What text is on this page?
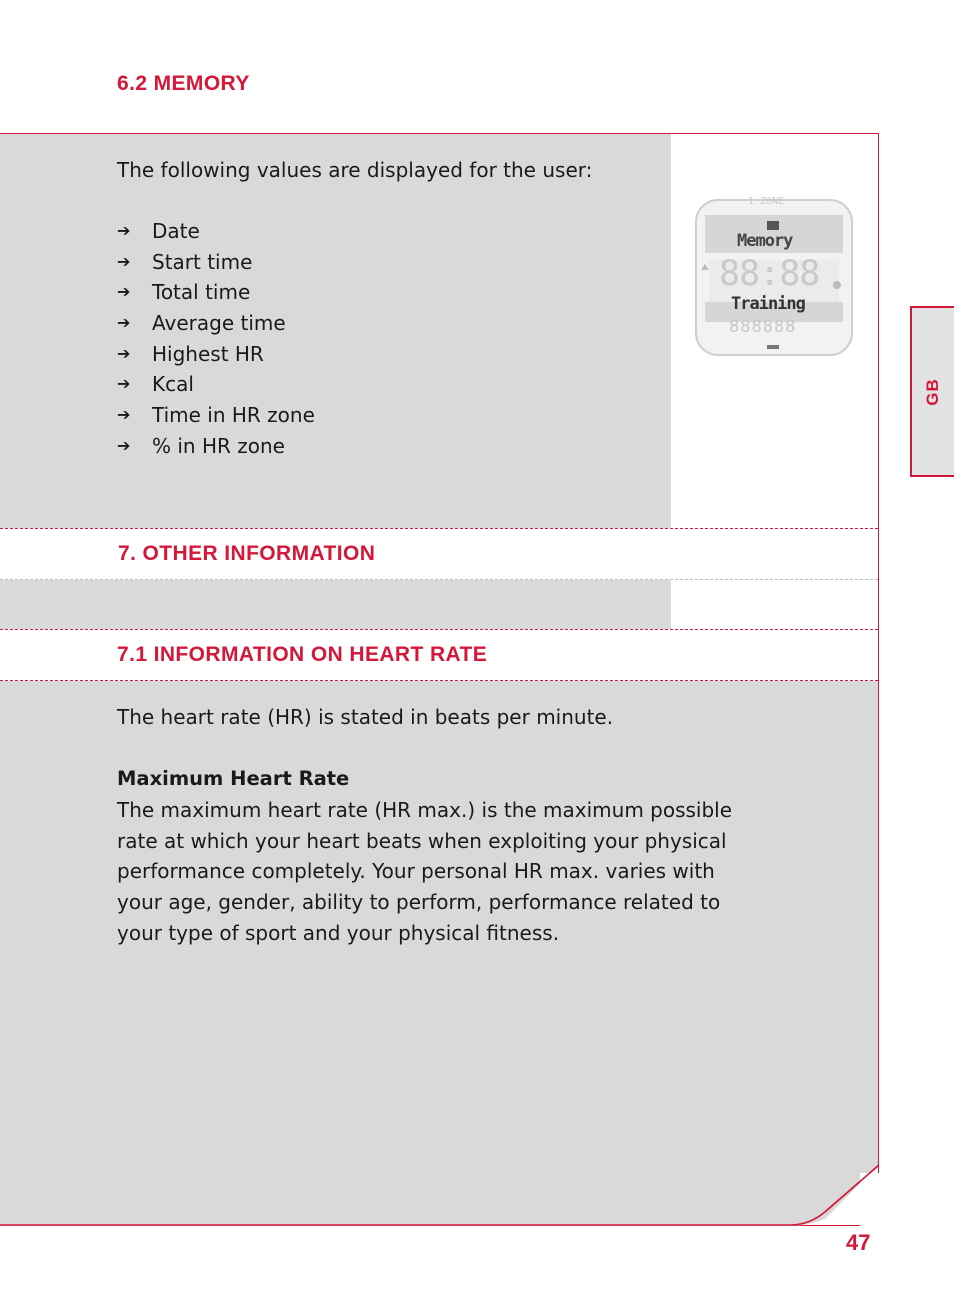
6.2 MEMORY
The following values are displayed for the user:
➔ Date
➔ Start time
➔ Total time
➔ Average time
➔ Highest HR
➔ Kcal
➔ Time in HR zone
➔ % in HR zone
1 ZONE
Memory
88:88
Training
888888
7. OTHER INFORMATION
7.1 INFORMATION ON HEART RATE
The heart rate (HR) is stated in beats per minute.
Maximum Heart Rate
The maximum heart rate (HR max.) is the maximum possible
rate at which your heart beats when exploiting your physical
performance completely. Your personal HR max. varies with
your age, gender, ability to perform, performance related to
your type of sport and your physical fitness.
GB
47
